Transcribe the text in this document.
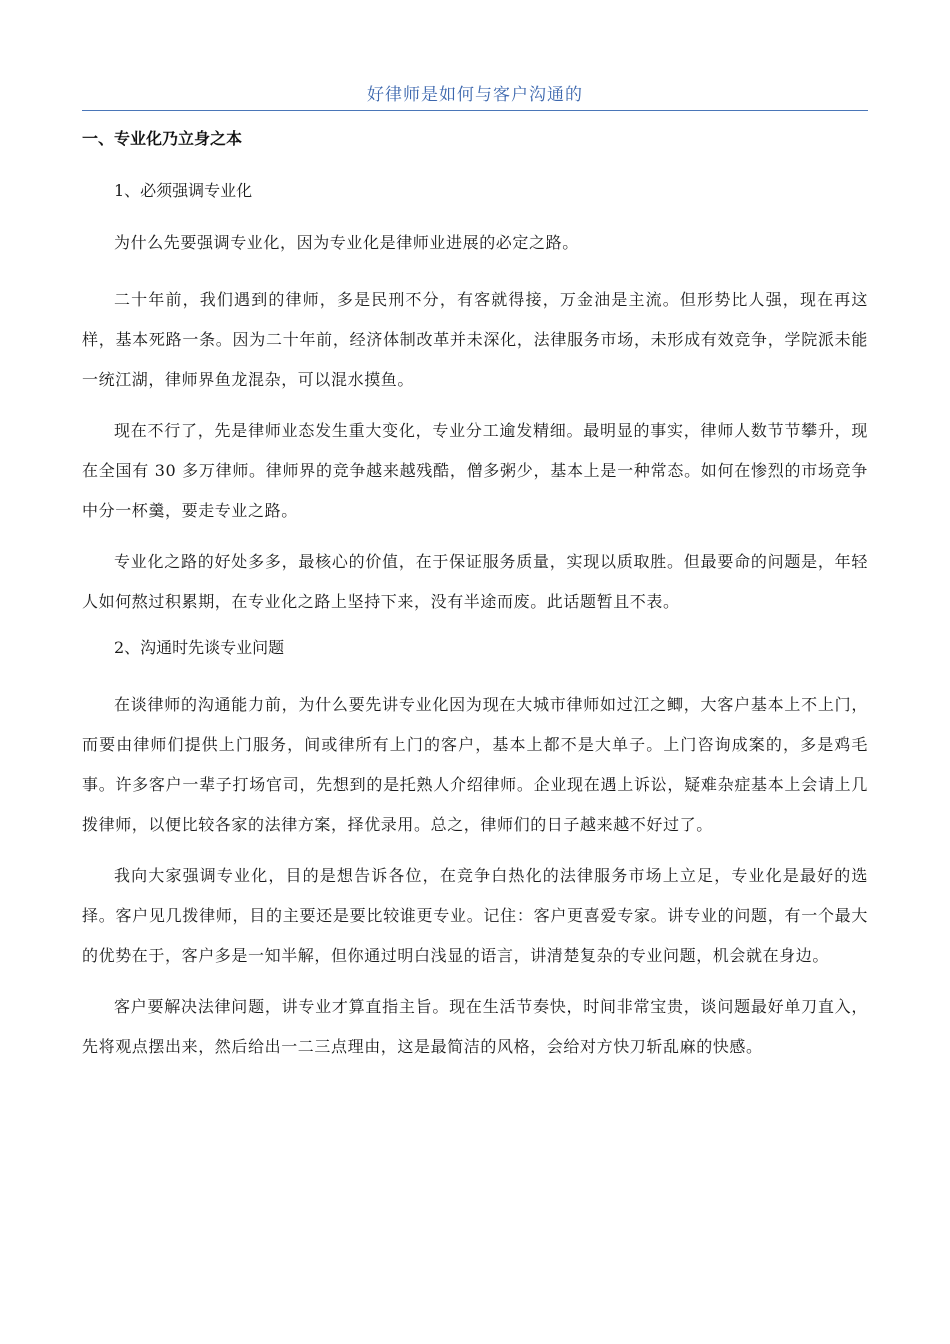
好律师是如何与客户沟通的
一、专业化乃立身之本
1、必须强调专业化
为什么先要强调专业化，因为专业化是律师业进展的必定之路。
二十年前，我们遇到的律师，多是民刑不分，有客就得接，万金油是主流。但形势比人强，现在再这样，基本死路一条。因为二十年前，经济体制改革并未深化，法律服务市场，未形成有效竞争，学院派未能一统江湖，律师界鱼龙混杂，可以混水摸鱼。
现在不行了，先是律师业态发生重大变化，专业分工逾发精细。最明显的事实，律师人数节节攀升，现在全国有 30 多万律师。律师界的竞争越来越残酷，僧多粥少，基本上是一种常态。如何在惨烈的市场竞争中分一杯羹，要走专业之路。
专业化之路的好处多多，最核心的价值，在于保证服务质量，实现以质取胜。但最要命的问题是，年轻人如何熬过积累期，在专业化之路上坚持下来，没有半途而废。此话题暂且不表。
2、沟通时先谈专业问题
在谈律师的沟通能力前，为什么要先讲专业化因为现在大城市律师如过江之鲫，大客户基本上不上门，而要由律师们提供上门服务，间或律所有上门的客户，基本上都不是大单子。上门咨询成案的，多是鸡毛事。许多客户一辈子打场官司，先想到的是托熟人介绍律师。企业现在遇上诉讼，疑难杂症基本上会请上几拨律师，以便比较各家的法律方案，择优录用。总之，律师们的日子越来越不好过了。
我向大家强调专业化，目的是想告诉各位，在竞争白热化的法律服务市场上立足，专业化是最好的选择。客户见几拨律师，目的主要还是要比较谁更专业。记住：客户更喜爱专家。讲专业的问题，有一个最大的优势在于，客户多是一知半解，但你通过明白浅显的语言，讲清楚复杂的专业问题，机会就在身边。
客户要解决法律问题，讲专业才算直指主旨。现在生活节奏快，时间非常宝贵，谈问题最好单刀直入，先将观点摆出来，然后给出一二三点理由，这是最简洁的风格，会给对方快刀斩乱麻的快感。
